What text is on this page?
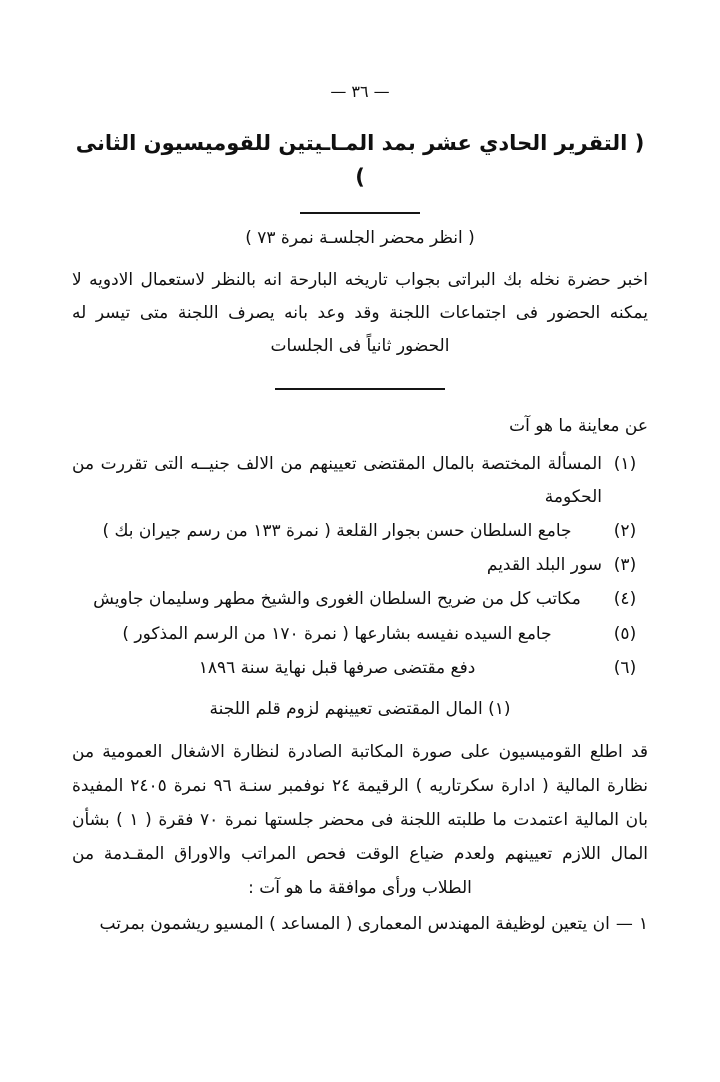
— ٣٦ —
( التقرير الحادي عشر بمد المـاـيتين للقوميسيون الثانى )
( انظر محضر الجلسـة نمرة ٧٣ )
اخبر حضرة نخله بك البراتى بجواب تاريخه البارحة انه بالنظر لاستعمال الادويه لا يمكنه الحضور فى اجتماعات اللجنة وقد وعد بانه يصرف اللجنة متى تيسر له الحضور ثانياً فى الجلسات
عن معاينة ما هو آت
(١)
المسألة المختصة بالمال المقتضى تعيينهم من الالف جنيــه التى تقررت من الحكومة
(٢)
جامع السلطان حسن بجوار القلعة ( نمرة ١٣٣ من رسم جيران بك )
(٣)
سور البلد القديم
(٤)
مكاتب كل من ضريح السلطان الغورى والشيخ مطهر وسليمان جاويش
(٥)
جامع السيده نفيسه بشارعها ( نمرة ١٧٠ من الرسم المذكور )
(٦)
دفع مقتضى صرفها قبل نهاية سنة ١٨٩٦
(١) المال المقتضى تعيينهم لزوم قلم اللجنة
قد اطلع القوميسيون على صورة المكاتبة الصادرة لنظارة الاشغال العمومية من نظارة المالية ( ادارة سكرتاريه ) الرقيمة ٢٤ نوفمبر سنـة ٩٦ نمرة ٢٤٠٥ المفيدة بان المالية اعتمدت ما طلبته اللجنة فى محضر جلستها نمرة ٧٠ فقرة ( ١ ) بشأن المال اللازم تعيينهم ولعدم ضياع الوقت فحص المراتب والاوراق المقـدمة من الطلاب ورأى موافقة ما هو آت :
١—ان يتعين لوظيفة المهندس المعمارى ( المساعد ) المسيو ريشمون بمرتب
